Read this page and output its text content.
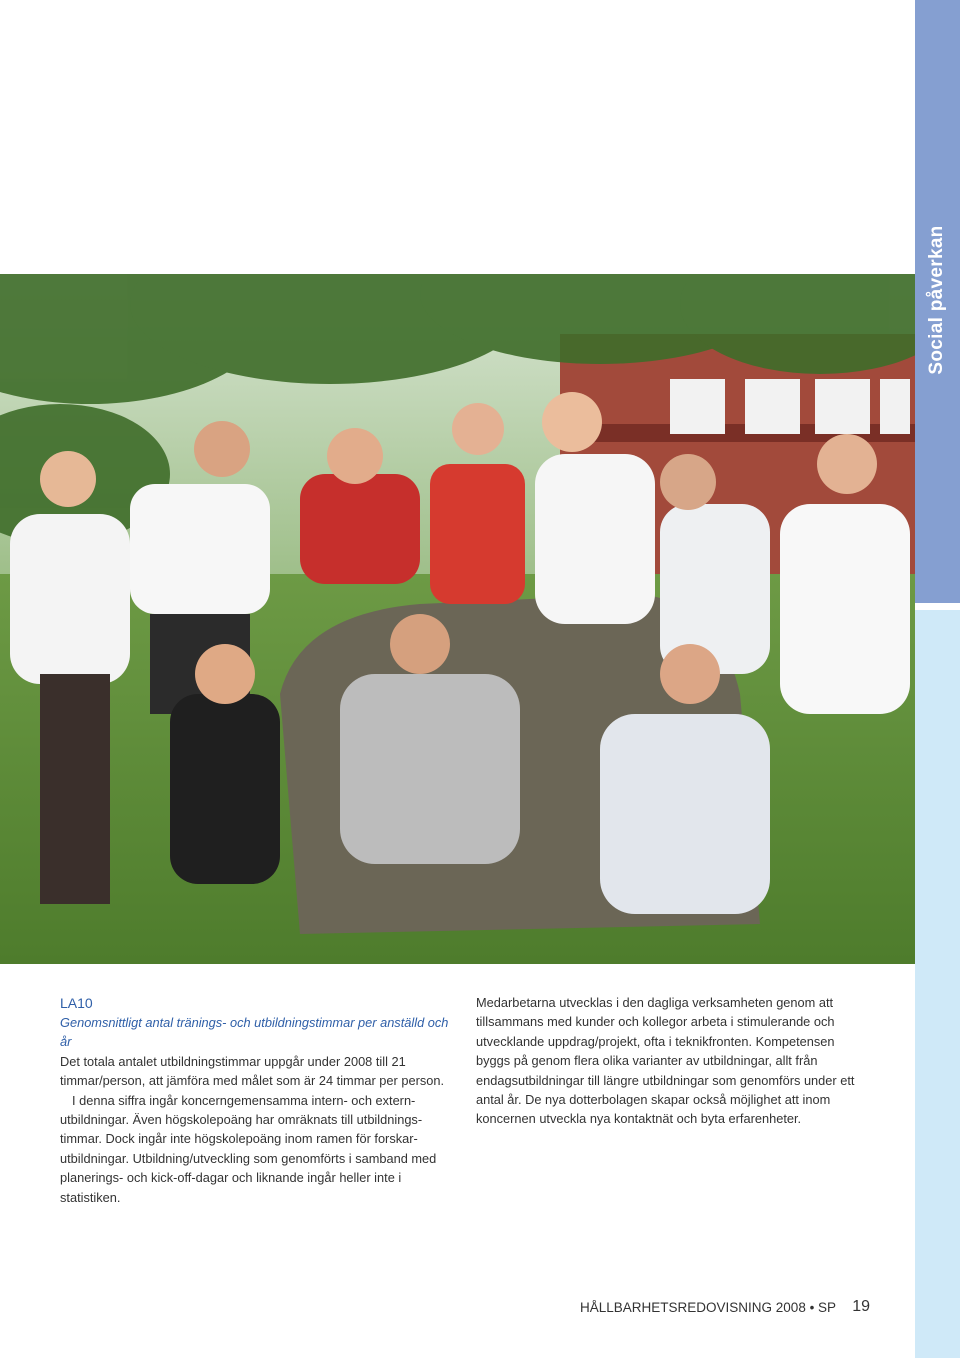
Social påverkan
LA10
Genomsnittligt antal tränings- och utbildningstimmar per anställd och år

Det totala antalet utbildningstimmar uppgår under 2008 till 21 timmar/person, att jämföra med målet som är 24 timmar per person.

I denna siffra ingår koncerngemensamma intern- och extern-utbildningar. Även högskolepoäng har omräknats till utbildnings-timmar. Dock ingår inte högskolepoäng inom ramen för forskar-utbildningar. Utbildning/utveckling som genomförts i samband med planerings- och kick-off-dagar och liknande ingår heller inte i statistiken.

Medarbetarna utvecklas i den dagliga verksamheten genom att tillsammans med kunder och kollegor arbeta i stimulerande och utvecklande uppdrag/projekt, ofta i teknikfronten. Kompetensen byggs på genom flera olika varianter av utbildningar, allt från endagsutbildningar till längre utbildningar som genomförs under ett antal år. De nya dotterbolagen skapar också möjlighet att inom koncernen utveckla nya kontaktnät och byta erfarenheter.

HÅLLBARHETSREDOVISNING 2008 • SP 19
